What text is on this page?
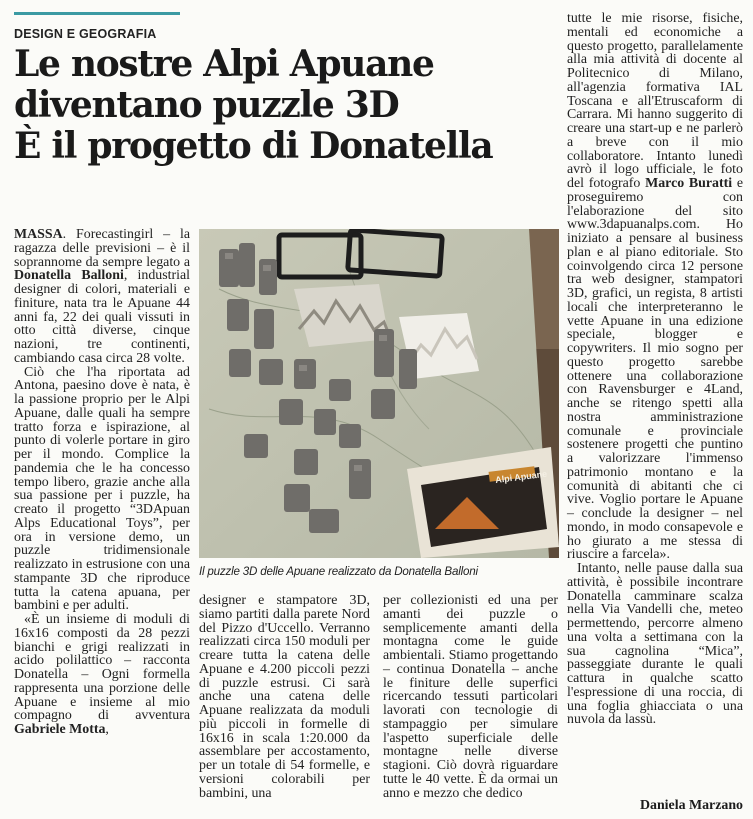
DESIGN E GEOGRAFIA
Le nostre Alpi Apuane
diventano puzzle 3D
È il progetto di Donatella

MASSA. Forecastingirl – la ragazza delle previsioni – è il soprannome da sempre legato a Donatella Balloni, industrial designer di colori, materiali e finiture, nata tra le Apuane 44 anni fa, 22 dei quali vissuti in otto città diverse, cinque nazioni, tre continenti, cambiando casa circa 28 volte.

Ciò che l'ha riportata ad Antona, paesino dove è nata, è la passione proprio per le Alpi Apuane, dalle quali ha sempre tratto forza e ispirazione, al punto di volerle portare in giro per il mondo. Complice la pandemia che le ha concesso tempo libero, grazie anche alla sua passione per i puzzle, ha creato il progetto “3DApuan Alps Educational Toys”, per ora in versione demo, un puzzle tridimensionale realizzato in estrusione con una stampante 3D che riproduce tutta la catena apuana, per bambini e per adulti.

«È un insieme di moduli di 16x16 composti da 28 pezzi bianchi e grigi realizzati in acido polilattico – racconta Donatella – Ogni formella rappresenta una porzione delle Apuane e insieme al mio compagno di avventura Gabriele Motta,

Alpi Apuane
Il puzzle 3D delle Apuane realizzato da Donatella Balloni

designer e stampatore 3D, siamo partiti dalla parete Nord del Pizzo d'Uccello. Verranno realizzati circa 150 moduli per creare tutta la catena delle Apuane e 4.200 piccoli pezzi di puzzle estrusi. Ci sarà anche una catena delle Apuane realizzata da moduli più piccoli in formelle di 16x16 in scala 1:20.000 da assemblare per accostamento, per un totale di 54 formelle, e versioni colorabili per bambini, una

per collezionisti ed una per amanti dei puzzle o semplicemente amanti della montagna come le guide ambientali. Stiamo progettando – continua Donatella – anche le finiture delle superfici ricercando tessuti particolari lavorati con tecnologie di stampaggio per simulare l'aspetto superficiale delle montagne nelle diverse stagioni. Ciò dovrà riguardare tutte le 40 vette. È da ormai un anno e mezzo che dedico

tutte le mie risorse, fisiche, mentali ed economiche a questo progetto, parallelamente alla mia attività di docente al Politecnico di Milano, all'agenzia formativa IAL Toscana e all'Etruscaform di Carrara. Mi hanno suggerito di creare una start-up e ne parlerò a breve con il mio collaboratore. Intanto lunedì avrò il logo ufficiale, le foto del fotografo Marco Buratti e proseguiremo con l'elaborazione del sito www.3dapuanalps.com. Ho iniziato a pensare al business plan e al piano editoriale. Sto coinvolgendo circa 12 persone tra web designer, stampatori 3D, grafici, un regista, 8 artisti locali che interpreteranno le vette Apuane in una edizione speciale, blogger e copywriters. Il mio sogno per questo progetto sarebbe ottenere una collaborazione con Ravensburger e 4Land, anche se ritengo spetti alla nostra amministrazione comunale e provinciale sostenere progetti che puntino a valorizzare l'immenso patrimonio montano e la comunità di abitanti che ci vive. Voglio portare le Apuane – conclude la designer – nel mondo, in modo consapevole e ho giurato a me stessa di riuscire a farcela».

Intanto, nelle pause dalla sua attività, è possibile incontrare Donatella camminare scalza nella Via Vandelli che, meteo permettendo, percorre almeno una volta a settimana con la sua cagnolina “Mica”, passeggiate durante le quali cattura in qualche scatto l'espressione di una roccia, di una foglia ghiacciata o una nuvola da lassù.

Daniela Marzano
